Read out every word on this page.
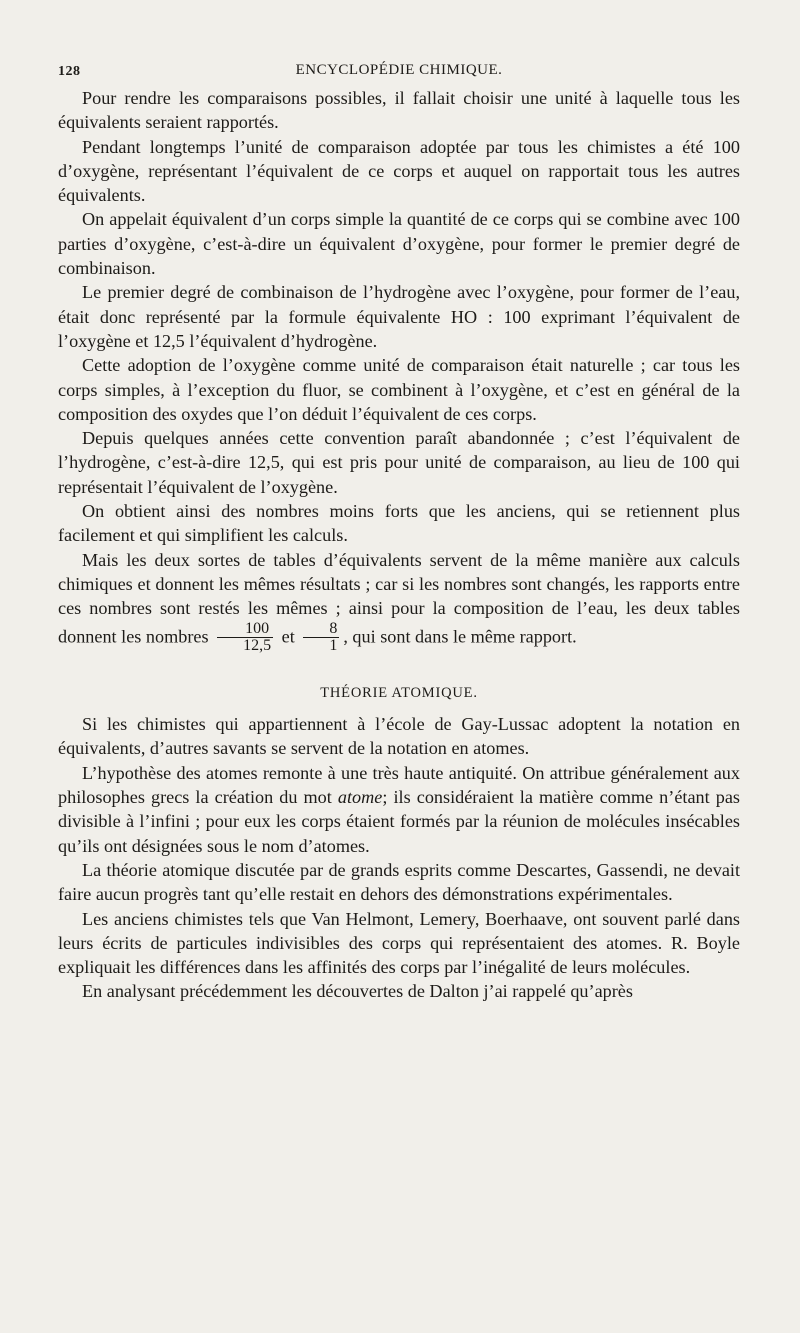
128	ENCYCLOPÉDIE CHIMIQUE.

Pour rendre les comparaisons possibles, il fallait choisir une unité à laquelle tous les équivalents seraient rapportés.

Pendant longtemps l’unité de comparaison adoptée par tous les chimistes a été 100 d’oxygène, représentant l’équivalent de ce corps et auquel on rapportait tous les autres équivalents.

On appelait équivalent d’un corps simple la quantité de ce corps qui se combine avec 100 parties d’oxygène, c’est-à-dire un équivalent d’oxygène, pour former le premier degré de combinaison.

Le premier degré de combinaison de l’hydrogène avec l’oxygène, pour former de l’eau, était donc représenté par la formule équivalente HO : 100 exprimant l’équivalent de l’oxygène et 12,5 l’équivalent d’hydrogène.

Cette adoption de l’oxygène comme unité de comparaison était naturelle ; car tous les corps simples, à l’exception du fluor, se combinent à l’oxygène, et c’est en général de la composition des oxydes que l’on déduit l’équivalent de ces corps.

Depuis quelques années cette convention paraît abandonnée ; c’est l’équivalent de l’hydrogène, c’est-à-dire 12,5, qui est pris pour unité de comparaison, au lieu de 100 qui représentait l’équivalent de l’oxygène.

On obtient ainsi des nombres moins forts que les anciens, qui se retiennent plus facilement et qui simplifient les calculs.

Mais les deux sortes de tables d’équivalents servent de la même manière aux calculs chimiques et donnent les mêmes résultats ; car si les nombres sont changés, les rapports entre ces nombres sont restés les mêmes ; ainsi pour la composition de l’eau, les deux tables donnent les nombres $\frac{100}{12,5}$ et $\frac{8}{1}$ , qui sont dans le même rapport.

THÉORIE ATOMIQUE.

Si les chimistes qui appartiennent à l’école de Gay-Lussac adoptent la notation en équivalents, d’autres savants se servent de la notation en atomes.

L’hypothèse des atomes remonte à une très haute antiquité. On attribue généralement aux philosophes grecs la création du mot atome; ils considéraient la matière comme n’étant pas divisible à l’infini ; pour eux les corps étaient formés par la réunion de molécules insécables qu’ils ont désignées sous le nom d’atomes.

La théorie atomique discutée par de grands esprits comme Descartes, Gassendi, ne devait faire aucun progrès tant qu’elle restait en dehors des démonstrations expérimentales.

Les anciens chimistes tels que Van Helmont, Lemery, Boerhaave, ont souvent parlé dans leurs écrits de particules indivisibles des corps qui représentaient des atomes. R. Boyle expliquait les différences dans les affinités des corps par l’inégalité de leurs molécules.

En analysant précédemment les découvertes de Dalton j’ai rappelé qu’après
